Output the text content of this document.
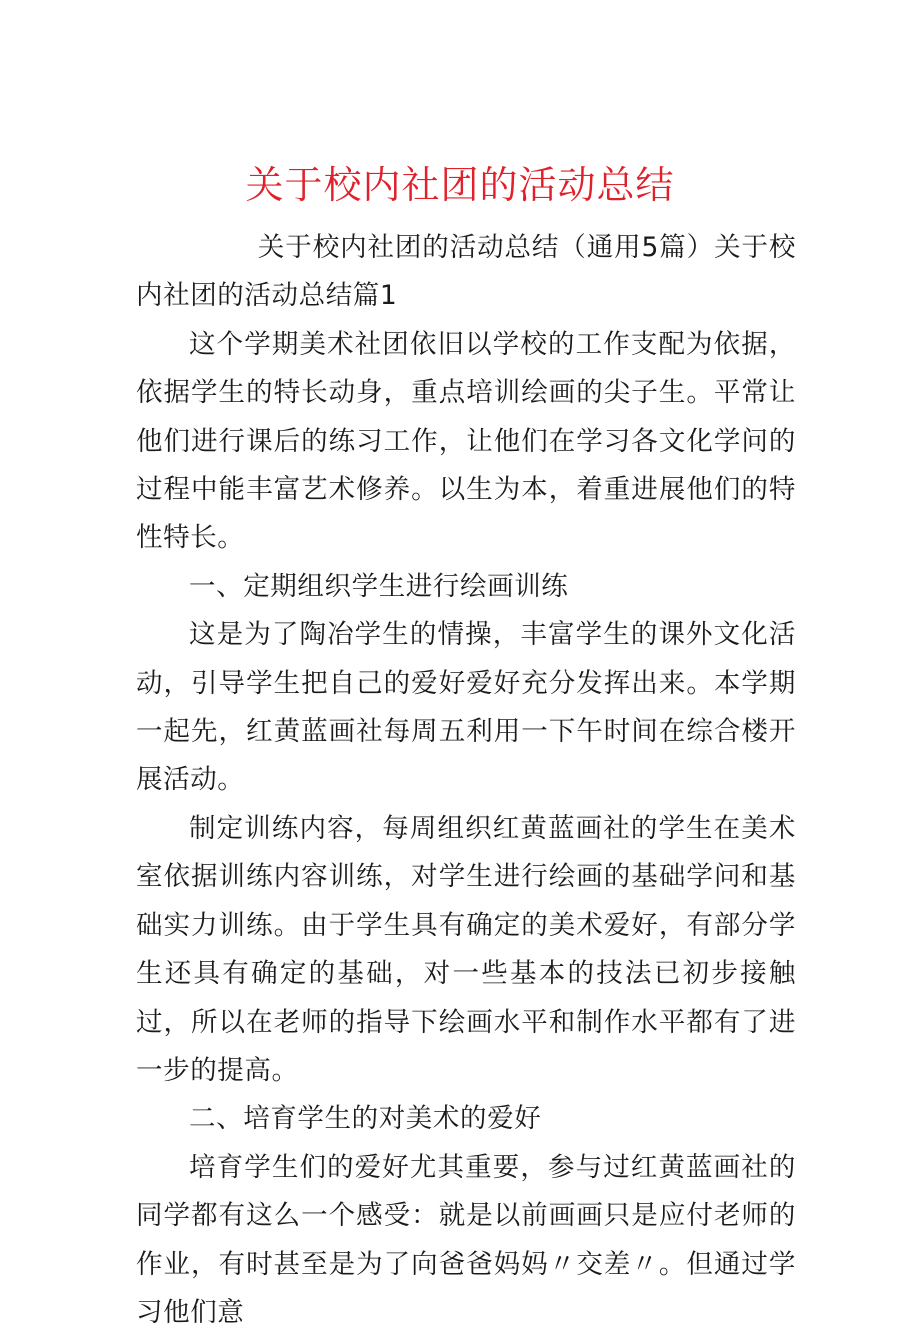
关于校内社团的活动总结

关于校内社团的活动总结（通用5篇）关于校内社团的活动总结篇1

这个学期美术社团依旧以学校的工作支配为依据，依据学生的特长动身，重点培训绘画的尖子生。平常让他们进行课后的练习工作，让他们在学习各文化学问的过程中能丰富艺术修养。以生为本，着重进展他们的特性特长。

一、定期组织学生进行绘画训练

这是为了陶冶学生的情操，丰富学生的课外文化活动，引导学生把自己的爱好爱好充分发挥出来。本学期一起先，红黄蓝画社每周五利用一下午时间在综合楼开展活动。

制定训练内容，每周组织红黄蓝画社的学生在美术室依据训练内容训练，对学生进行绘画的基础学问和基础实力训练。由于学生具有确定的美术爱好，有部分学生还具有确定的基础，对一些基本的技法已初步接触过，所以在老师的指导下绘画水平和制作水平都有了进一步的提高。

二、培育学生的对美术的爱好

培育学生们的爱好尤其重要，参与过红黄蓝画社的同学都有这么一个感受：就是以前画画只是应付老师的作业，有时甚至是为了向爸爸妈妈〃交差〃。但通过学习他们意
